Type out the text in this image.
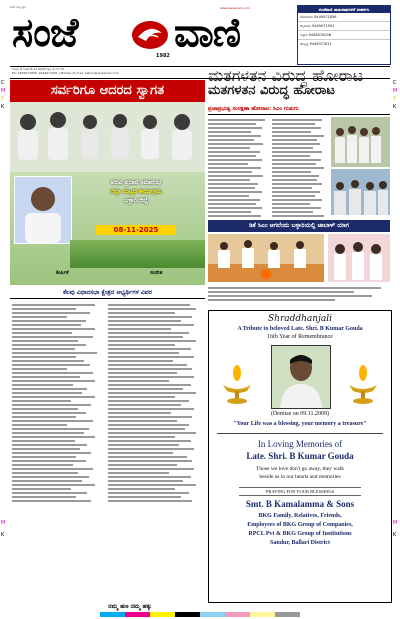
C
M
Y
K
M
K
C
M
Y
K
M
K
ಜನರ ಸುದ್ದಿ ಧ್ವನಿ
ಸಂಜೆ	1982 ವಾಣಿ
www.sanjevani.com	ಸಂಜೆವಾಣಿ ಜಾಹೀರಾತುಗಳಿಗೆ ಸಂಪರ್ಕಿಸಿ
ಬೆಂಗಳೂರು 9449071856
ಮೈಸೂರು 9449071991
ಬಳ್ಳಾರಿ 9448070008
ಹುಬ್ಬಳ್ಳಿ 9449071811
ಸಂಪುಟ 8 ಸಂಚಿಕೆ 8-11-2025 ಪುಟ 4 ಬೆಲೆ ₹2
Ph: 9449071856, 9449071991 | Mobile | E-mail: belluri@sanjevani.com
ಸರ್ವರಿಗೂ ಆದರದ ಸ್ವಾಗತ
ಪದವಿ ಪ್ರದಾನ ಸಮಾರಂಭ
ಜಿಲ್ಲಾ ಮಟ್ಟದ ಕಾರ್ಯಕ್ರಮ
ಬಳ್ಳಾರಿ ಜಿಲ್ಲೆ
08-11-2025
ಶೀರ್ಷಿಕೆ	ಸಂದೇಶ
ಕೆಲವು ವಿಧಾನಸಭಾ ಕ್ಷೇತ್ರದ ಅಭ್ಯರ್ಥಿಗಳ ವಿವರ
ಮತಗಳತನ ವಿರುದ್ಧ ಹೋರಾಟ
ಮತಗಳತನ ವಿರುದ್ಧ ಹೋರಾಟ
ಪ್ರಜಾಪ್ರಭುತ್ವ ಸಂರಕ್ಷಣಾ ಹೋರಾಟ: ಸಿಎಂ ಗುಡುಗು
ಡಿಕೆ ಸಿಎಂ ಆಗಲೆಂದು ಬಳ್ಳಾರಿಯಲ್ಲಿ ಜಾಬಾಳ್ ಯಾಗ
Shraddhanjali
A Tribute to beloved Late. Shri. B Kumar Gouda
16th Year of Remembrance
(Demise on 09.11.2009)
"Your Life was a blessing, your memory a treasure"
In Loving Memories of
Late. Shri. B Kumar Gouda
Those we love don't go away, they walk
beside as in our hearts and memories
PRAYING FOR YOUR BLESSINGS
Smt. B Kamalamma & Sons
BKG Family, Relatives, Friends,
Employees of BKG Group of Companies,
RPCL Pvt & BKG Group of Institutions
Sandur, Ballari District
ನಮ್ಮ ಹಣ ನಮ್ಮ ಹಕ್ಕು
